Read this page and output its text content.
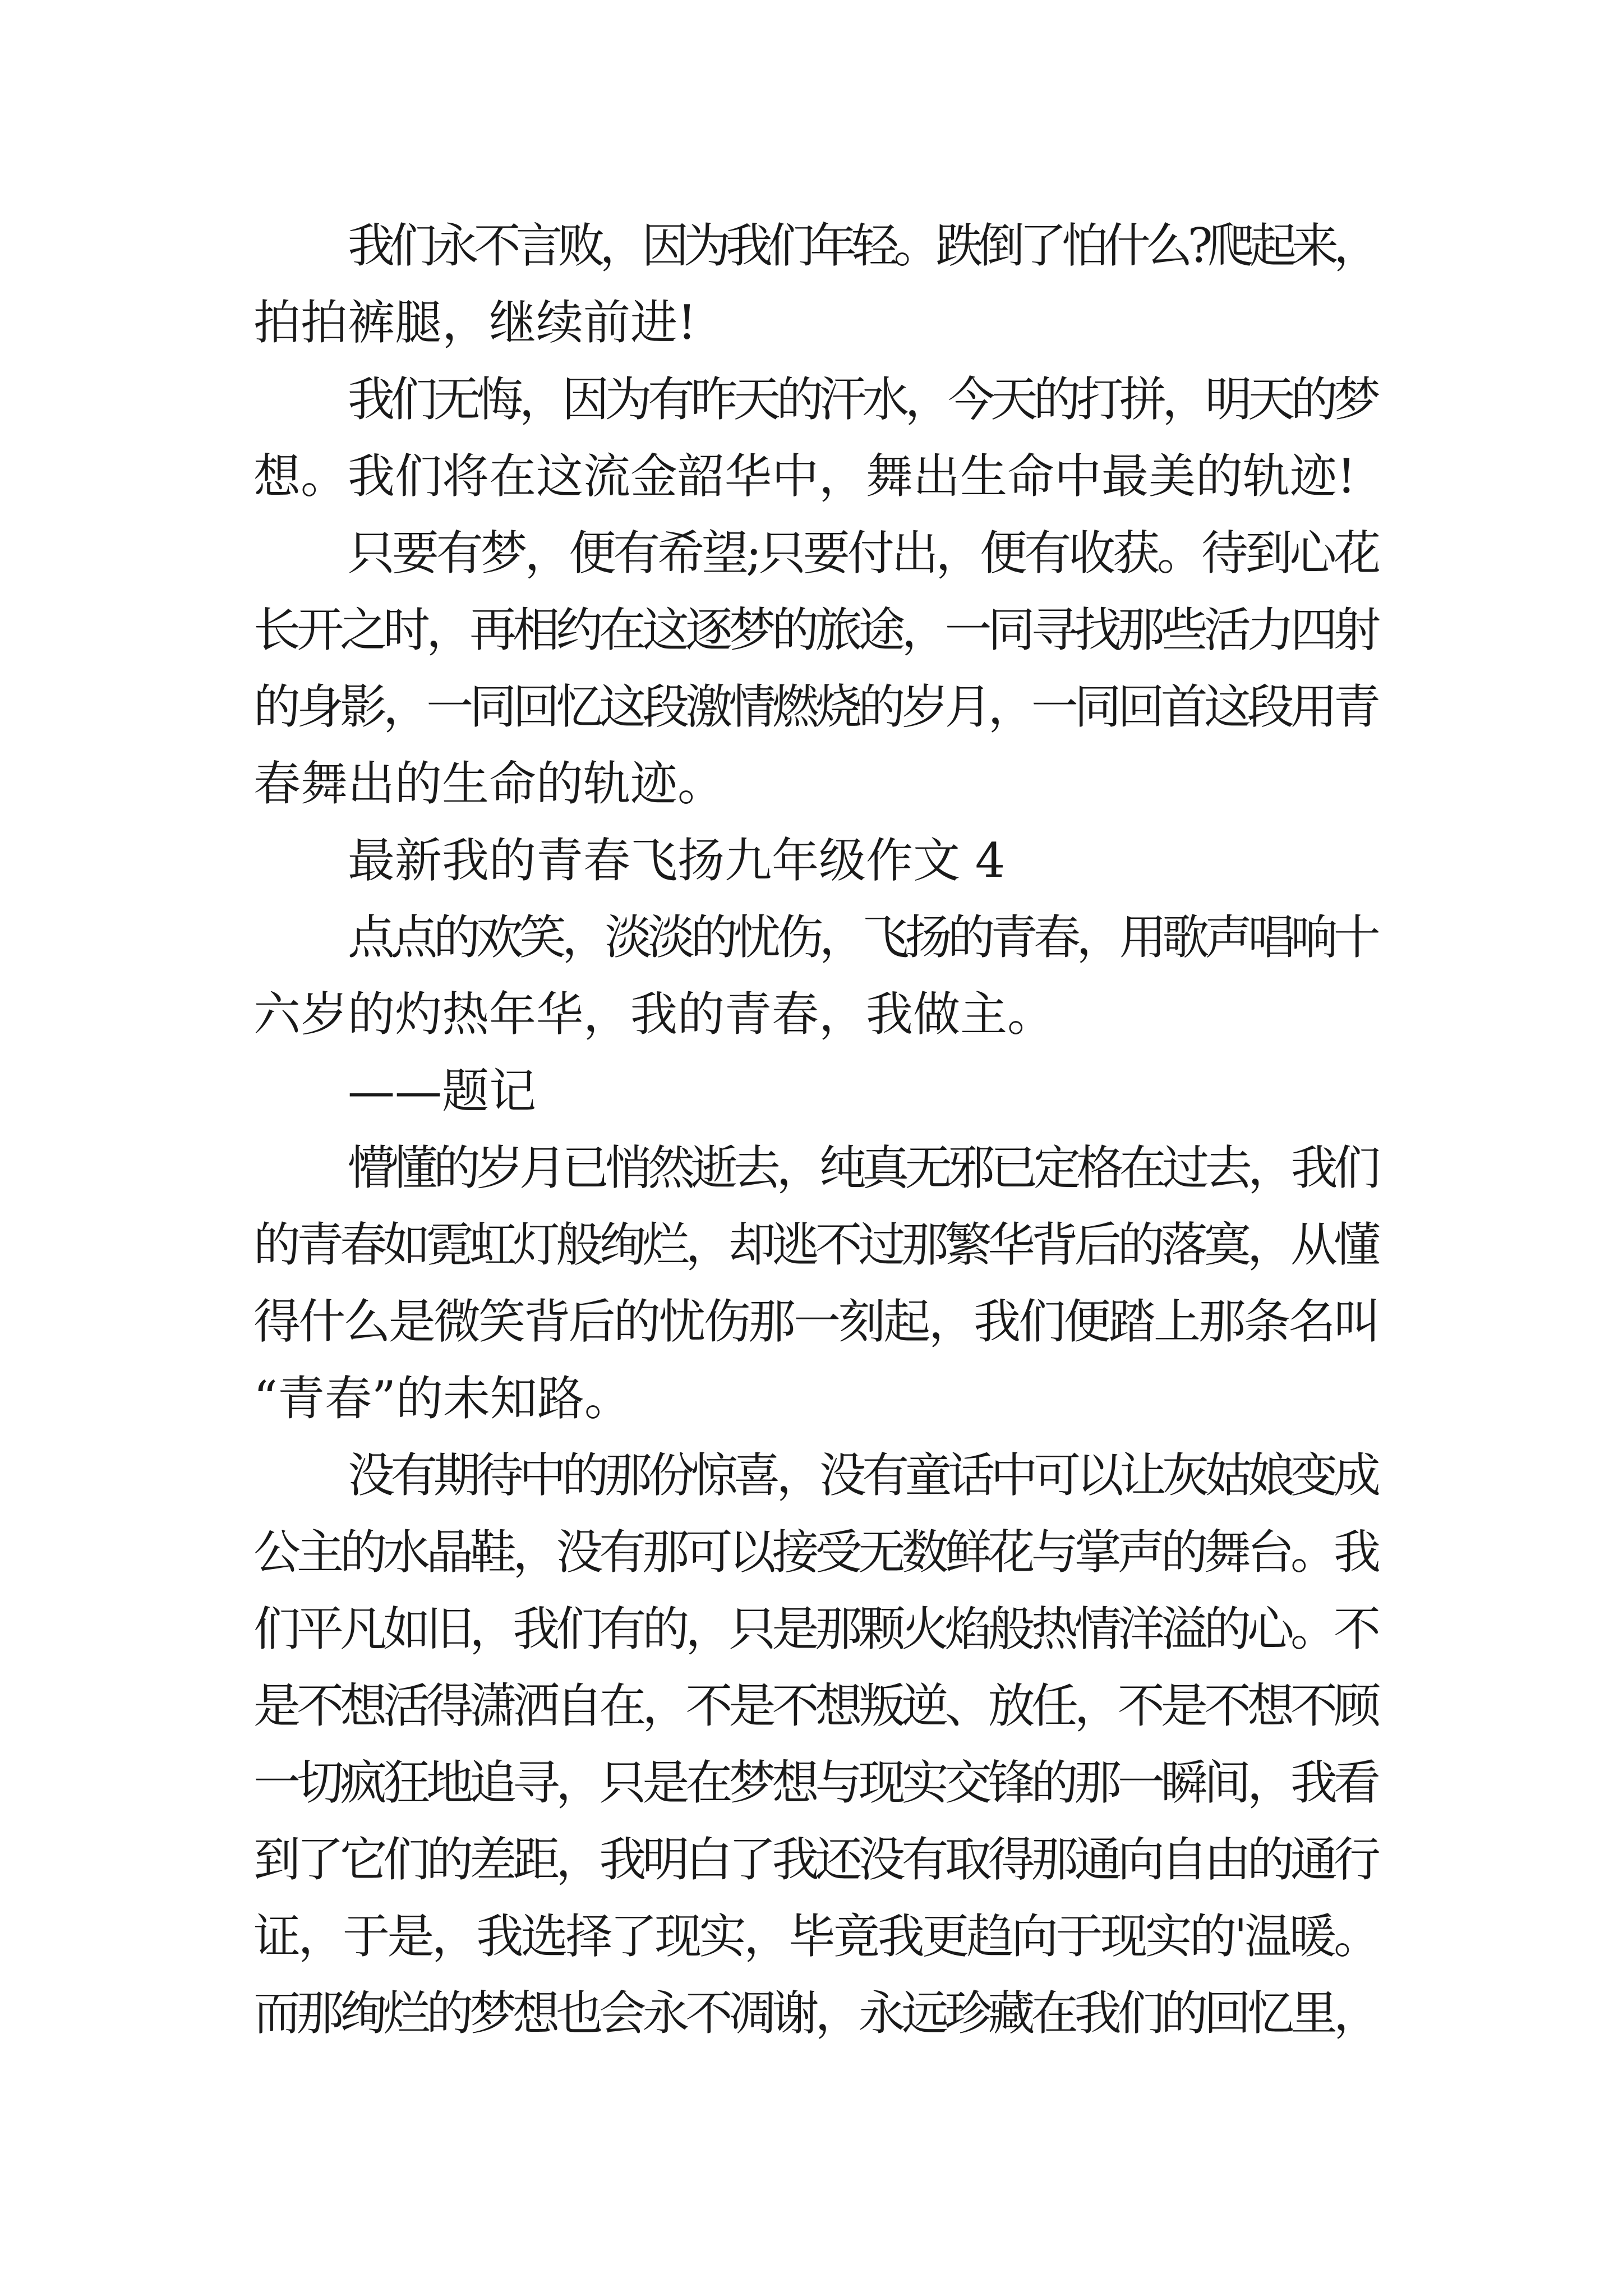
我们永不言败，因为我们年轻。跌倒了怕什么?爬起来，
拍拍裤腿，继续前进!

我们无悔，因为有昨天的汗水，今天的打拼，明天的梦
想。我们将在这流金韶华中，舞出生命中最美的轨迹!

只要有梦，便有希望;只要付出，便有收获。待到心花
长开之时，再相约在这逐梦的旅途，一同寻找那些活力四射
的身影，一同回忆这段激情燃烧的岁月，一同回首这段用青
春舞出的生命的轨迹。

最新我的青春飞扬九年级作文 4

点点的欢笑，淡淡的忧伤，飞扬的青春，用歌声唱响十
六岁的灼热年华，我的青春，我做主。

——题记

懵懂的岁月已悄然逝去，纯真无邪已定格在过去，我们
的青春如霓虹灯般绚烂，却逃不过那繁华背后的落寞，从懂
得什么是微笑背后的忧伤那一刻起，我们便踏上那条名叫
“青春”的未知路。

没有期待中的那份惊喜，没有童话中可以让灰姑娘变成
公主的水晶鞋，没有那可以接受无数鲜花与掌声的舞台。我
们平凡如旧，我们有的，只是那颗火焰般热情洋溢的心。不
是不想活得潇洒自在，不是不想叛逆、放任，不是不想不顾
一切疯狂地追寻，只是在梦想与现实交锋的那一瞬间，我看
到了它们的差距，我明白了我还没有取得那通向自由的通行
证，于是，我选择了现实，毕竟我更趋向于现实的'温暖。
而那绚烂的梦想也会永不凋谢，永远珍藏在我们的回忆里，
